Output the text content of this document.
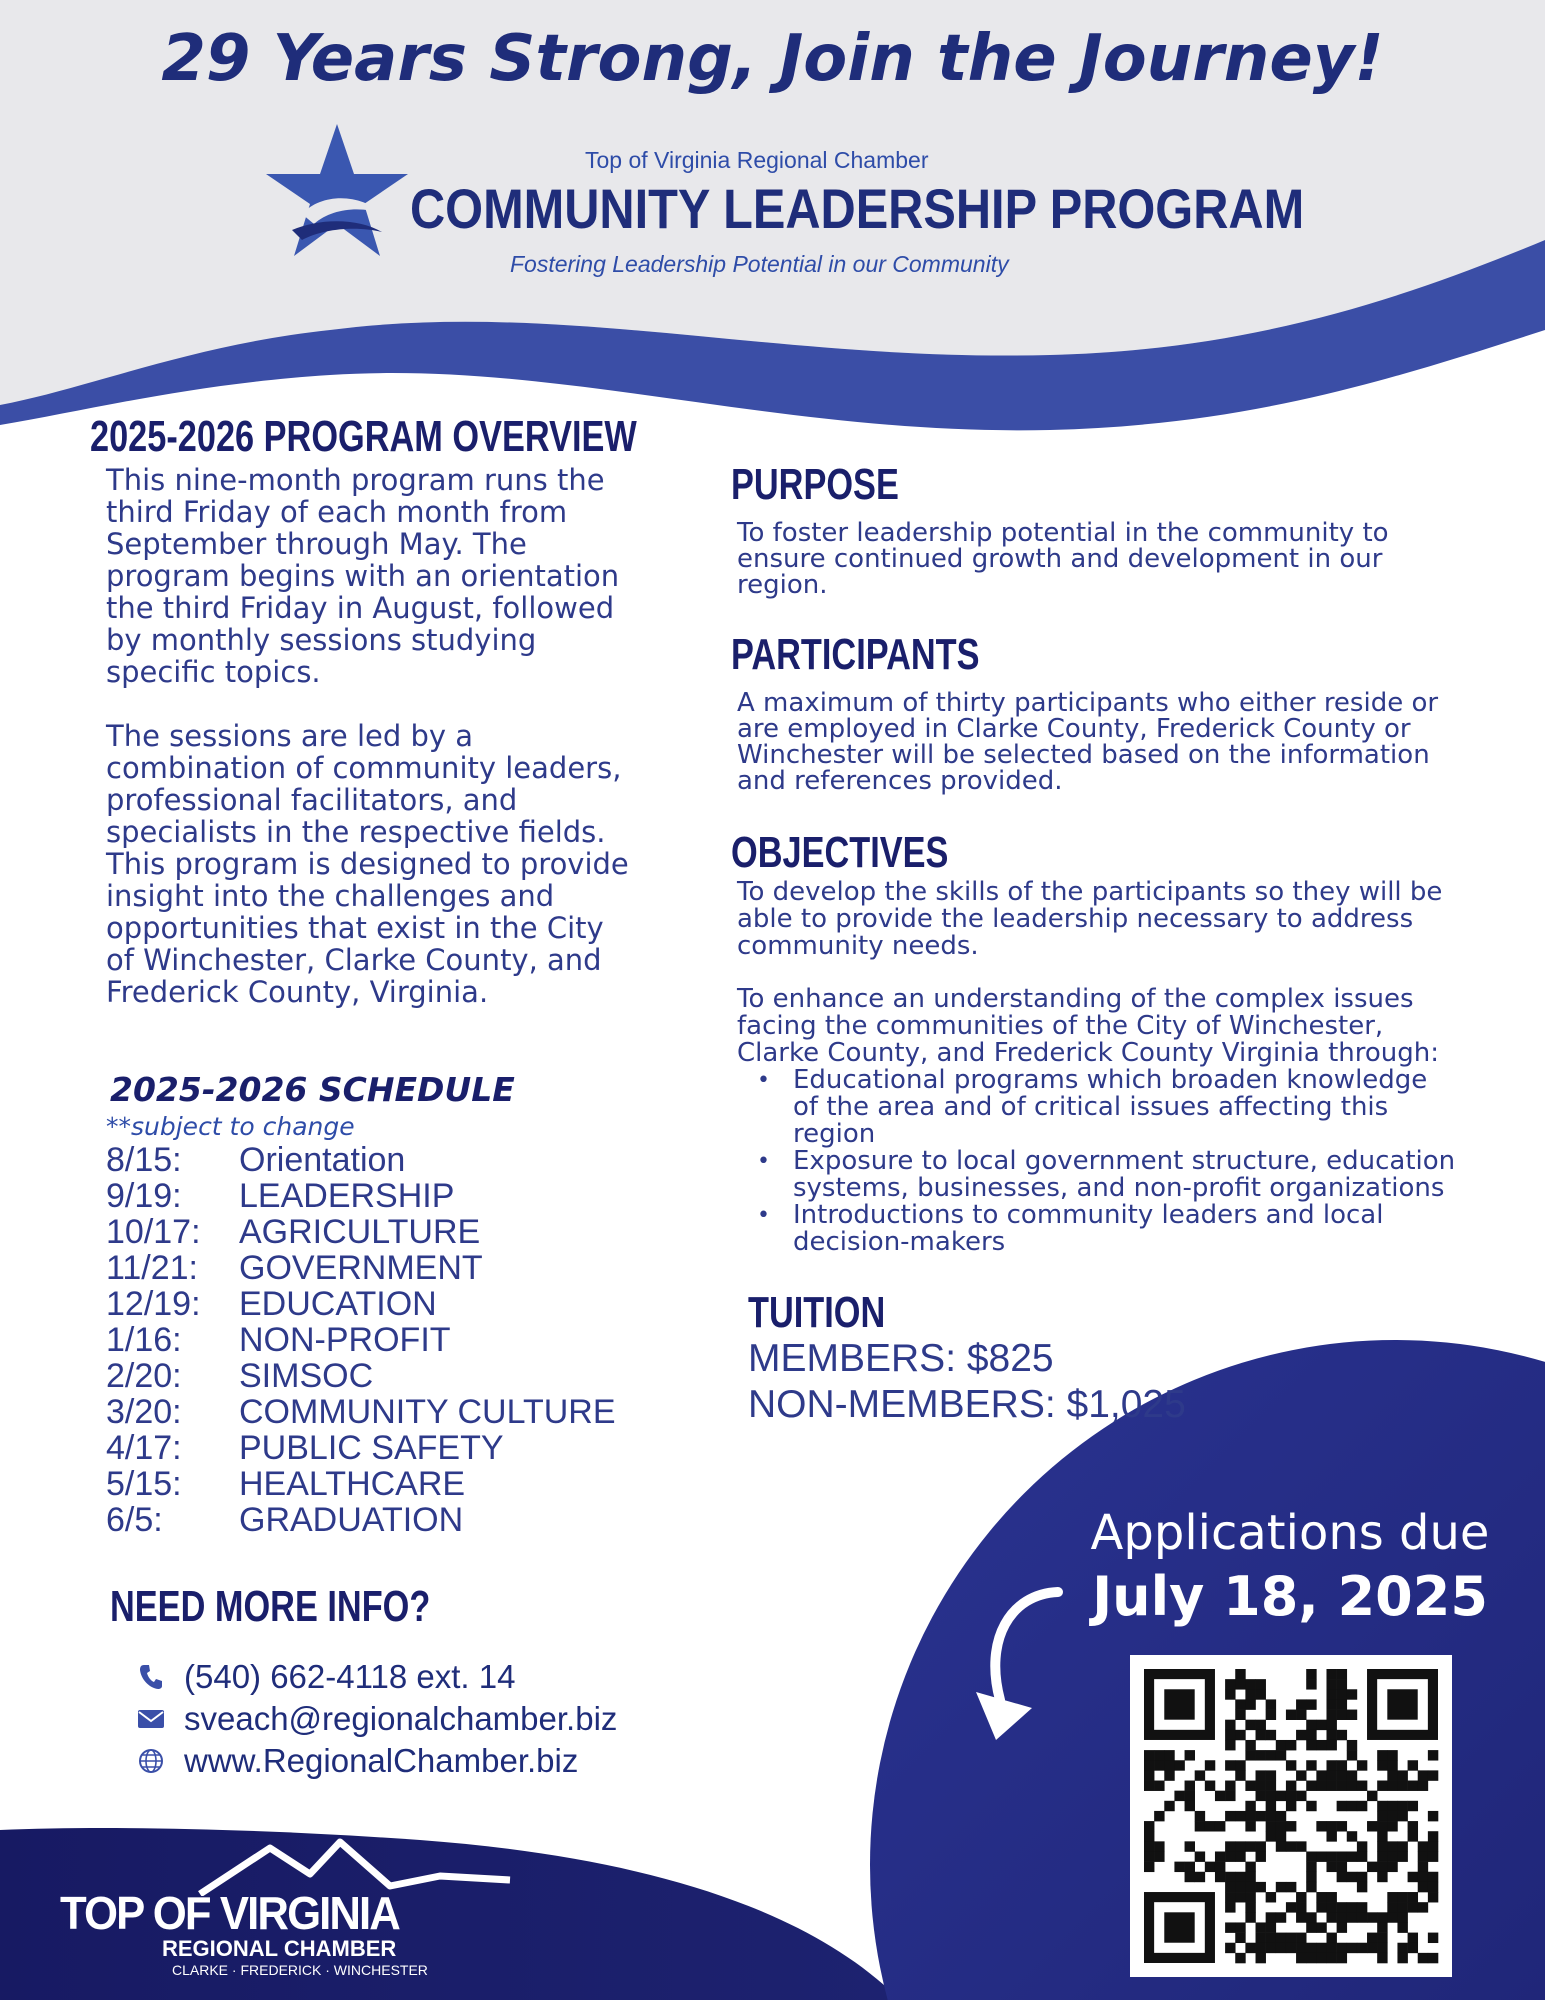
29 Years Strong, Join the Journey!
Top of Virginia Regional Chamber
COMMUNITY LEADERSHIP PROGRAM
Fostering Leadership Potential in our Community
2025-2026 PROGRAM OVERVIEW

This nine-month program runs the
third Friday of each month from
September through May. The
program begins with an orientation
the third Friday in August, followed
by monthly sessions studying
specific topics.

The sessions are led by a
combination of community leaders,
professional facilitators, and
specialists in the respective fields.
This program is designed to provide
insight into the challenges and
opportunities that exist in the City
of Winchester, Clarke County, and
Frederick County, Virginia.

2025-2026 SCHEDULE
**subject to change
8/15:	Orientation
9/19:	LEADERSHIP
10/17:	AGRICULTURE
11/21:	GOVERNMENT
12/19:	EDUCATION
1/16:	NON-PROFIT
2/20:	SIMSOC
3/20:	COMMUNITY CULTURE
4/17:	PUBLIC SAFETY
5/15:	HEALTHCARE
6/5:	GRADUATION
NEED MORE INFO?
(540) 662-4118 ext. 14
sveach@regionalchamber.biz
www.RegionalChamber.biz
PURPOSE

To foster leadership potential in the community to
ensure continued growth and development in our
region.

PARTICIPANTS

A maximum of thirty participants who either reside or
are employed in Clarke County, Frederick County or
Winchester will be selected based on the information
and references provided.

OBJECTIVES

To develop the skills of the participants so they will be
able to provide the leadership necessary to address
community needs.

To enhance an understanding of the complex issues
facing the communities of the City of Winchester,
Clarke County, and Frederick County Virginia through:

• Educational programs which broaden knowledge
of the area and of critical issues affecting this
region
• Exposure to local government structure, education
systems, businesses, and non-profit organizations
• Introductions to community leaders and local
decision-makers
TUITION
MEMBERS: $825
NON-MEMBERS: $1,025
Applications due
July 18, 2025
TOP OF VIRGINIA
REGIONAL CHAMBER
CLARKE · FREDERICK · WINCHESTER
